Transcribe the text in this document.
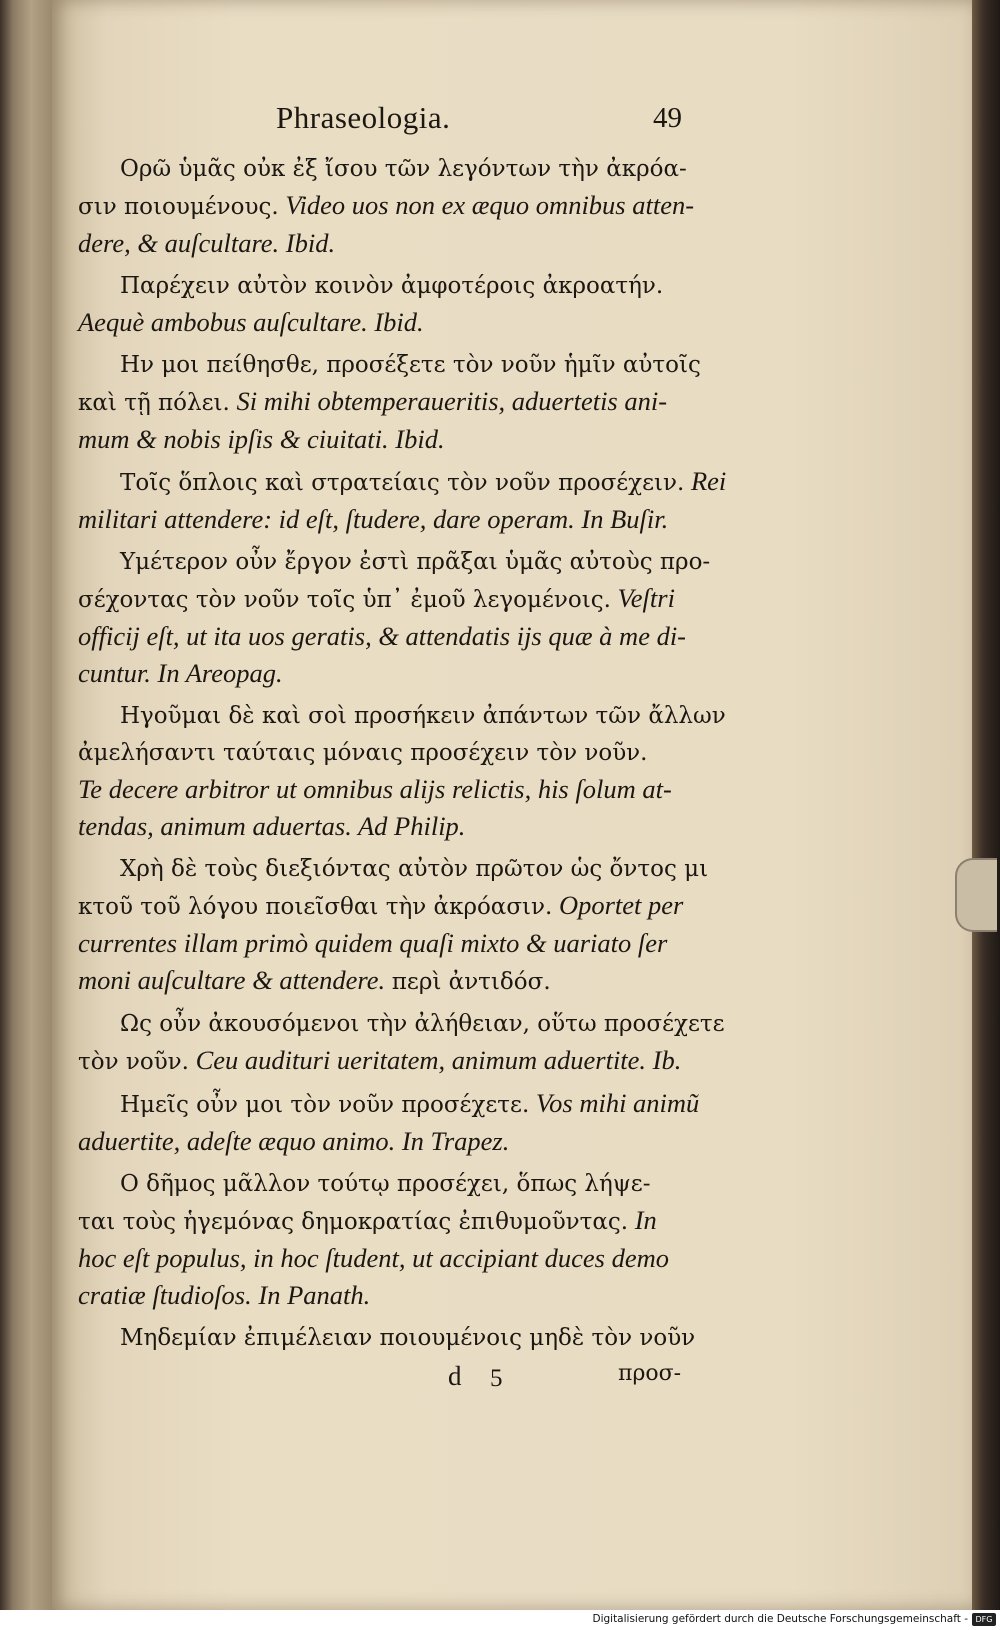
Phraseologia.	49
Ορῶ ὑμᾶς οὐκ ἐξ ἴσου τῶν λεγόντων τὴν ἀκρόα-
σιν ποιουμένους. Video uos non ex æquo omnibus atten-
dere, & auſcultare. Ibid.
Παρέχειν αὐτὸν κοινὸν ἀμφοτέροις ἀκροατήν.
Aequè ambobus auſcultare. Ibid.
Ην μοι πείθησθε, προσέξετε τὸν νοῦν ἡμῖν αὐτοῖς
καὶ τῇ πόλει. Si mihi obtemperaueritis, aduertetis ani-
mum & nobis ipſis & ciuitati. Ibid.
Τοῖς ὅπλοις καὶ στρατείαις τὸν νοῦν προσέχειν. Rei
militari attendere: id eſt, ſtudere, dare operam. In Buſir.
Υμέτερον οὖν ἔργον ἐστὶ πρᾶξαι ὑμᾶς αὐτοὺς προ-
σέχοντας τὸν νοῦν τοῖς ὑπ᾽ ἐμοῦ λεγομένοις. Veſtri
officij eſt, ut ita uos geratis, & attendatis ijs quæ à me di-
cuntur. In Areopag.
Ηγοῦμαι δὲ καὶ σοὶ προσήκειν ἀπάντων τῶν ἄλλων
ἀμελήσαντι ταύταις μόναις προσέχειν τὸν νοῦν.
Te decere arbitror ut omnibus alijs relictis, his ſolum at-
tendas, animum aduertas. Ad Philip.
Χρὴ δὲ τοὺς διεξιόντας αὐτὸν πρῶτον ὡς ὄντος μι
κτοῦ τοῦ λόγου ποιεῖσθαι τὴν ἀκρόασιν. Oportet per
currentes illam primò quidem quaſi mixto & uariato ſer
moni auſcultare & attendere. περὶ ἀντιδόσ.
Ως οὖν ἀκουσόμενοι τὴν ἀλήθειαν, οὕτω προσέχετε
τὸν νοῦν. Ceu audituri ueritatem, animum aduertite. Ib.
Ημεῖς οὖν μοι τὸν νοῦν προσέχετε. Vos mihi animũ
aduertite, adeſte æquo animo. In Trapez.
Ο δῆμος μᾶλλον τούτῳ προσέχει, ὅπως λήψε-
ται τοὺς ἡγεμόνας δημοκρατίας ἐπιθυμοῦντας. In
hoc eſt populus, in hoc ſtudent, ut accipiant duces demo
cratiæ ſtudioſos. In Panath.
Μηδεμίαν ἐπιμέλειαν ποιουμένοις μηδὲ τὸν νοῦν
d 5	προσ-
Digitalisierung gefördert durch die Deutsche Forschungsgemeinschaft - DFG
